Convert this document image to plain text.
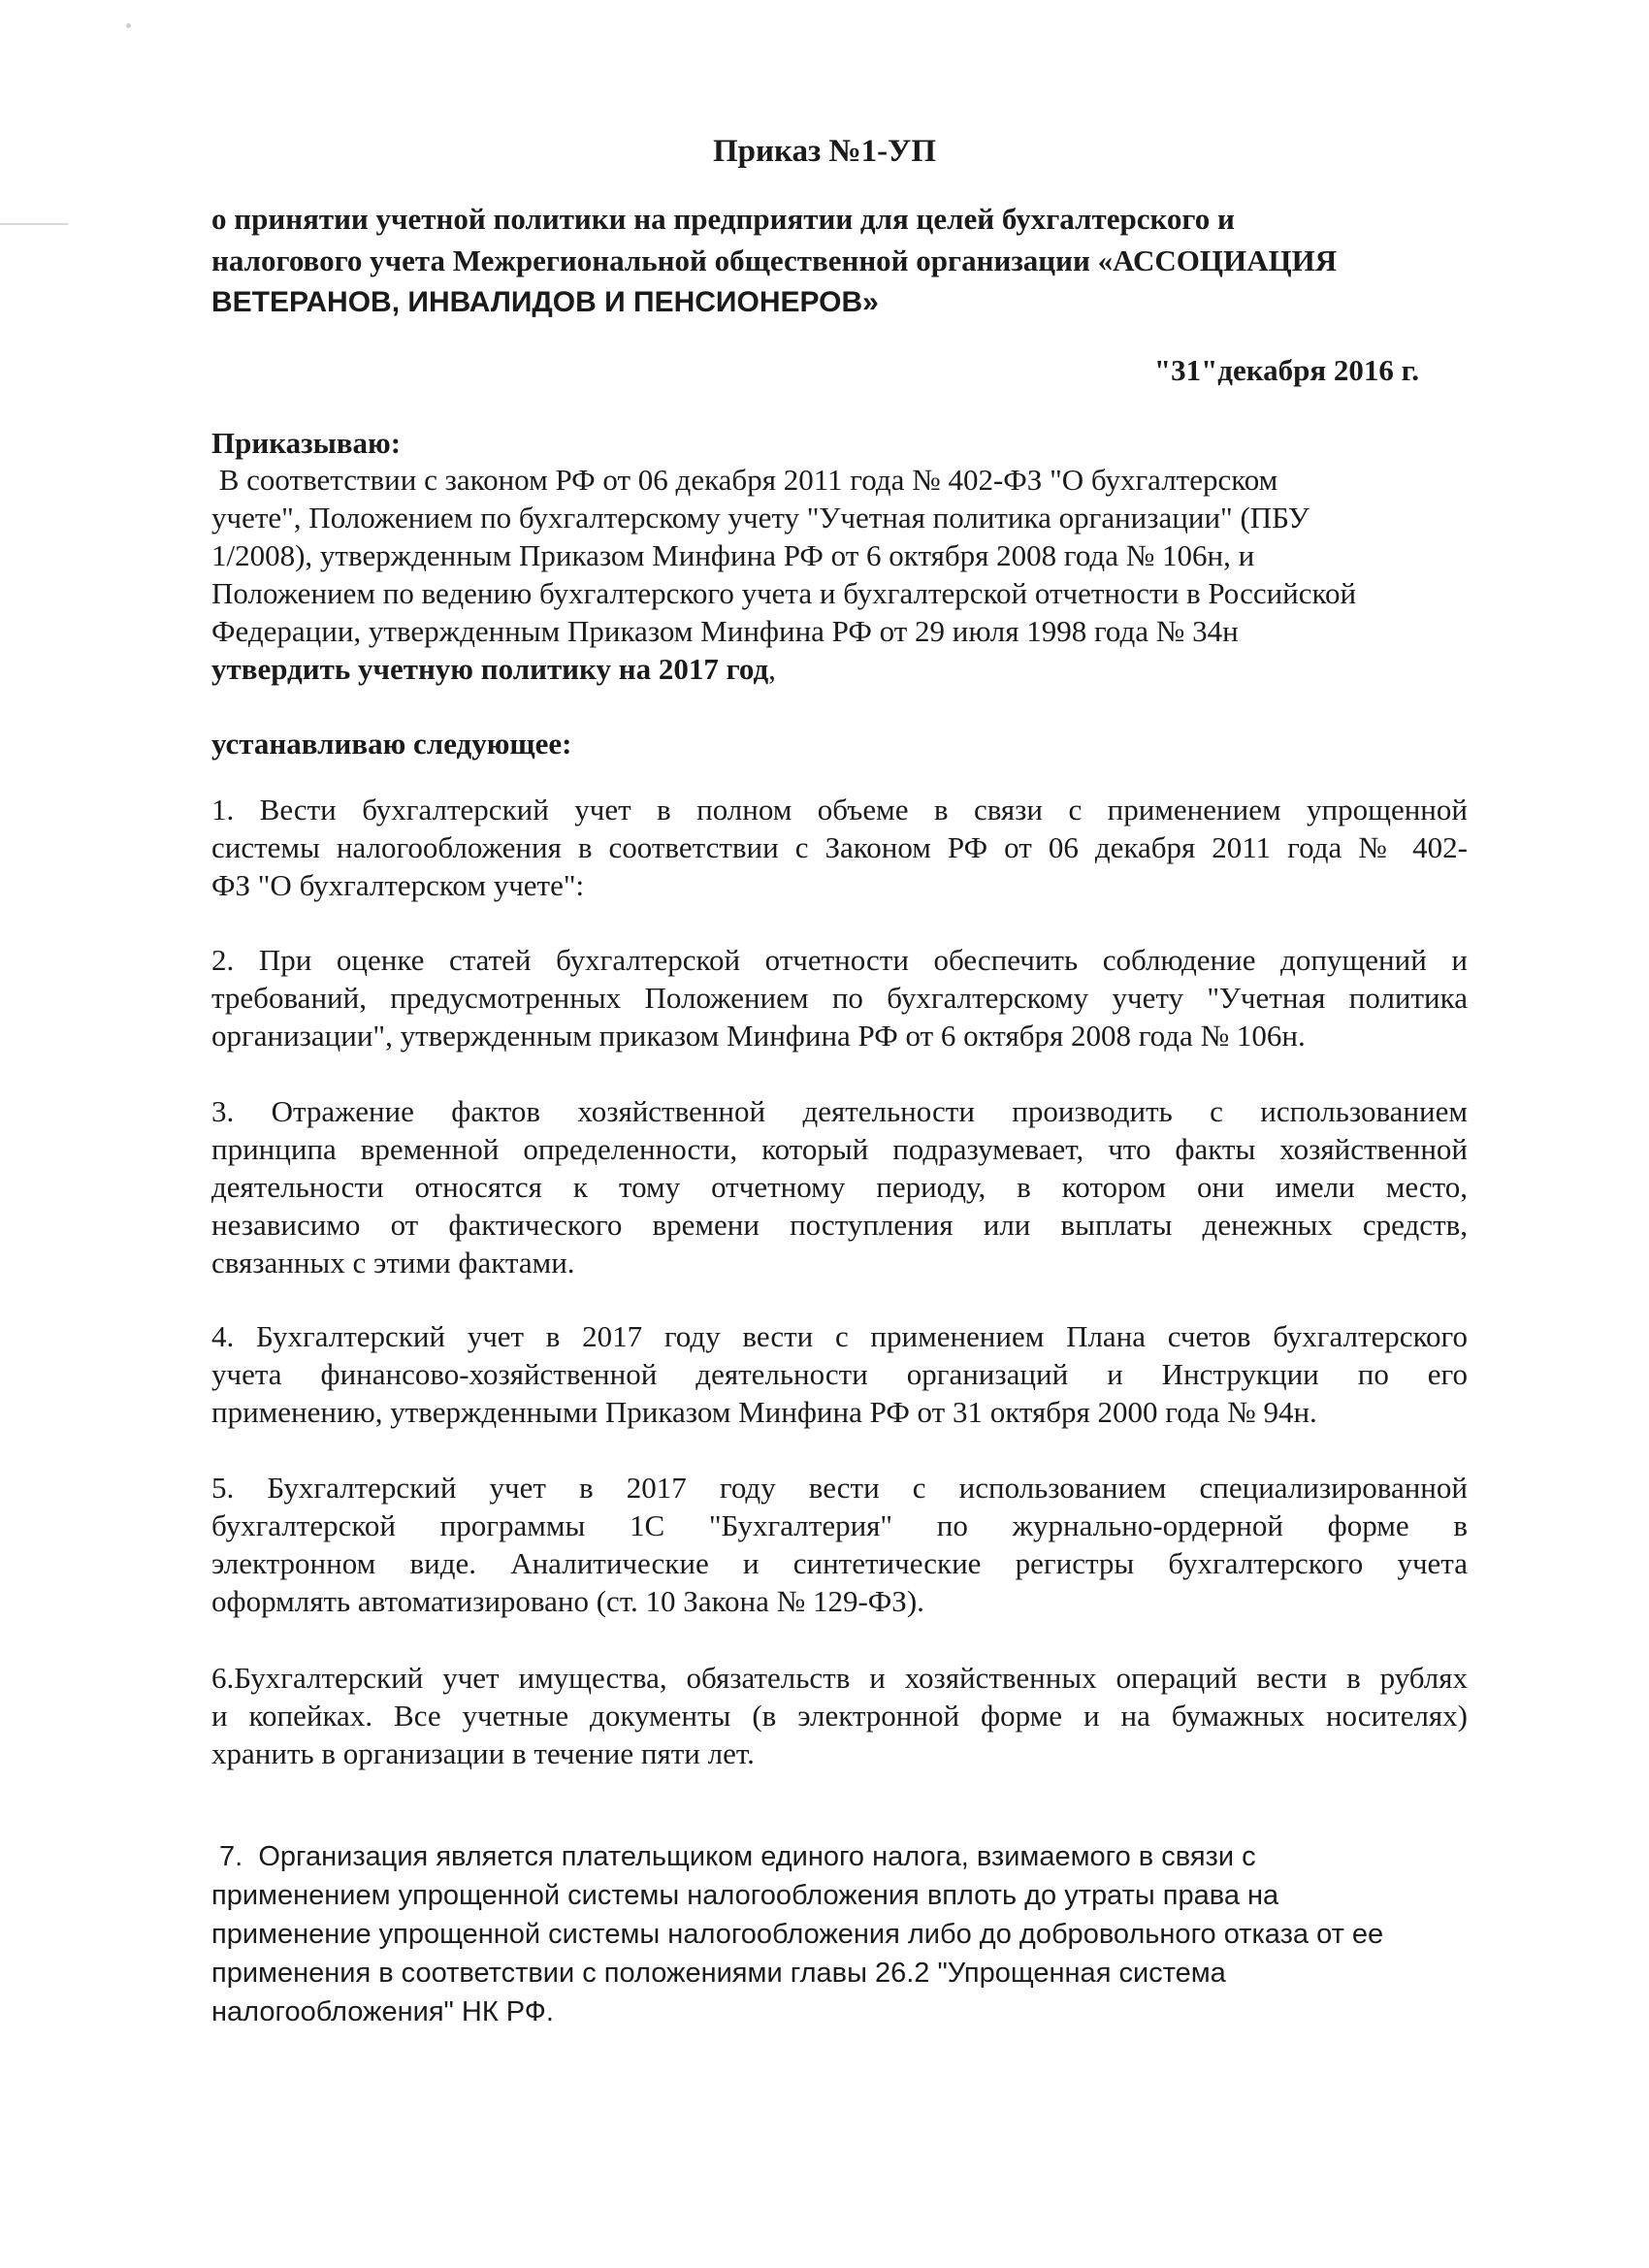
Приказ №1-УП
о принятии учетной политики на предприятии для целей бухгалтерского и
налогового учета Межрегиональной общественной организации «АССОЦИАЦИЯ
ВЕТЕРАНОВ, ИНВАЛИДОВ И ПЕНСИОНЕРОВ»
"31"декабря 2016 г.
Приказываю:
В соответствии с законом РФ от 06 декабря 2011 года № 402-ФЗ "О бухгалтерском
учете", Положением по бухгалтерскому учету "Учетная политика организации" (ПБУ
1/2008), утвержденным Приказом Минфина РФ от 6 октября 2008 года № 106н, и
Положением по ведению бухгалтерского учета и бухгалтерской отчетности в Российской
Федерации, утвержденным Приказом Минфина РФ от 29 июля 1998 года № 34н
утвердить учетную политику на 2017 год,
устанавливаю следующее:
1. Вести бухгалтерский учет в полном объеме в связи с применением упрощенной
системы налогообложения в соответствии с Законом РФ от 06 декабря 2011 года № 402-
ФЗ "О бухгалтерском учете":
2. При оценке статей бухгалтерской отчетности обеспечить соблюдение допущений и
требований, предусмотренных Положением по бухгалтерскому учету "Учетная политика
организации", утвержденным приказом Минфина РФ от 6 октября 2008 года № 106н.
3. Отражение фактов хозяйственной деятельности производить с использованием
принципа временной определенности, который подразумевает, что факты хозяйственной
деятельности относятся к тому отчетному периоду, в котором они имели место,
независимо от фактического времени поступления или выплаты денежных средств,
связанных с этими фактами.
4. Бухгалтерский учет в 2017 году вести с применением Плана счетов бухгалтерского
учета финансово-хозяйственной деятельности организаций и Инструкции по его
применению, утвержденными Приказом Минфина РФ от 31 октября 2000 года № 94н.
5. Бухгалтерский учет в 2017 году вести с использованием специализированной
бухгалтерской программы 1С "Бухгалтерия" по журнально-ордерной форме в
электронном виде. Аналитические и синтетические регистры бухгалтерского учета
оформлять автоматизировано (ст. 10 Закона № 129-ФЗ).
6.Бухгалтерский учет имущества, обязательств и хозяйственных операций вести в рублях
и копейках. Все учетные документы (в электронной форме и на бумажных носителях)
хранить в организации в течение пяти лет.
7.  Организация является плательщиком единого налога, взимаемого в связи с
применением упрощенной системы налогообложения вплоть до утраты права на
применение упрощенной системы налогообложения либо до добровольного отказа от ее
применения в соответствии с положениями главы 26.2 "Упрощенная система
налогообложения" НК РФ.
